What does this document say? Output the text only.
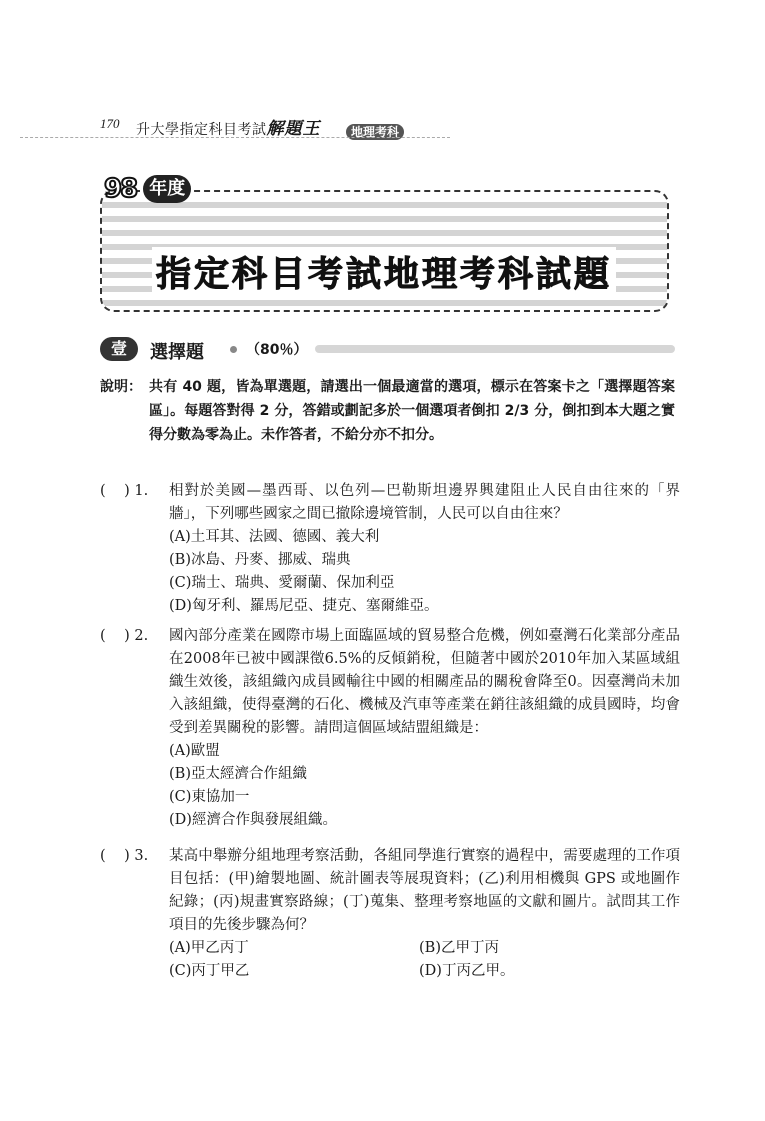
170 升大學指定科目考試解題王	地理考科
指定科目考試地理考科試題
98 年度
壹	選擇題	（80％）
說明： 共有 40 題，皆為單選題，請選出一個最適當的選項，標示在答案卡之「選擇題答案區」。每題答對得 2 分，答錯或劃記多於一個選項者倒扣 2/3 分，倒扣到本大題之實得分數為零為止。未作答者，不給分亦不扣分。
(    ) 1. 相對於美國—墨西哥、以色列—巴勒斯坦邊界興建阻止人民自由往來的「界牆」，下列哪些國家之間已撤除邊境管制，人民可以自由往來？
(A)土耳其、法國、德國、義大利
(B)冰島、丹麥、挪威、瑞典
(C)瑞士、瑞典、愛爾蘭、保加利亞
(D)匈牙利、羅馬尼亞、捷克、塞爾維亞。
(    ) 2. 國內部分產業在國際市場上面臨區域的貿易整合危機，例如臺灣石化業部分產品在2008年已被中國課徵6.5%的反傾銷稅，但隨著中國於2010年加入某區域組織生效後，該組織內成員國輸往中國的相關產品的關稅會降至0。因臺灣尚未加入該組織，使得臺灣的石化、機械及汽車等產業在銷往該組織的成員國時，均會受到差異關稅的影響。請問這個區域結盟組織是：
(A)歐盟
(B)亞太經濟合作組織
(C)東協加一
(D)經濟合作與發展組織。
(    ) 3. 某高中舉辦分組地理考察活動，各組同學進行實察的過程中，需要處理的工作項目包括：(甲)繪製地圖、統計圖表等展現資料；(乙)利用相機與 GPS 或地圖作紀錄；(丙)規畫實察路線；(丁)蒐集、整理考察地區的文獻和圖片。試問其工作項目的先後步驟為何？
(A)甲乙丙丁	(B)乙甲丁丙
(C)丙丁甲乙	(D)丁丙乙甲。
